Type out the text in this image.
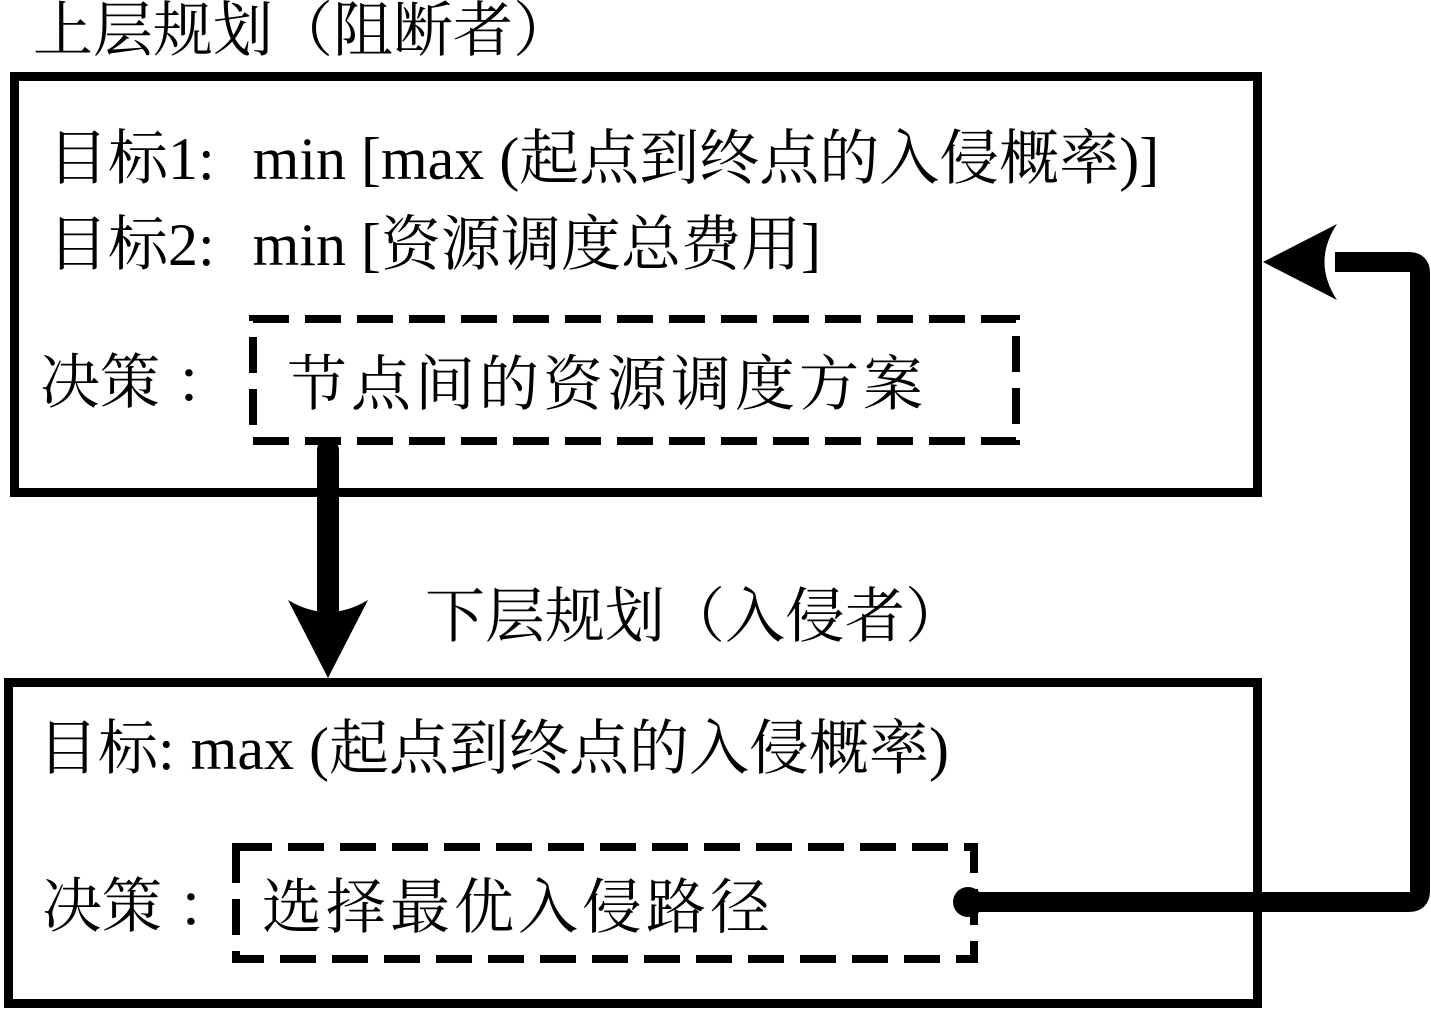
上层规划（阻断者）
目标1: min [max (起点到终点的入侵概率)]
目标2: min [资源调度总费用]
决策 ： 节点间的资源调度方案
下层规划（入侵者）
目标: max (起点到终点的入侵概率)
决策 ： 选择最优入侵路径
